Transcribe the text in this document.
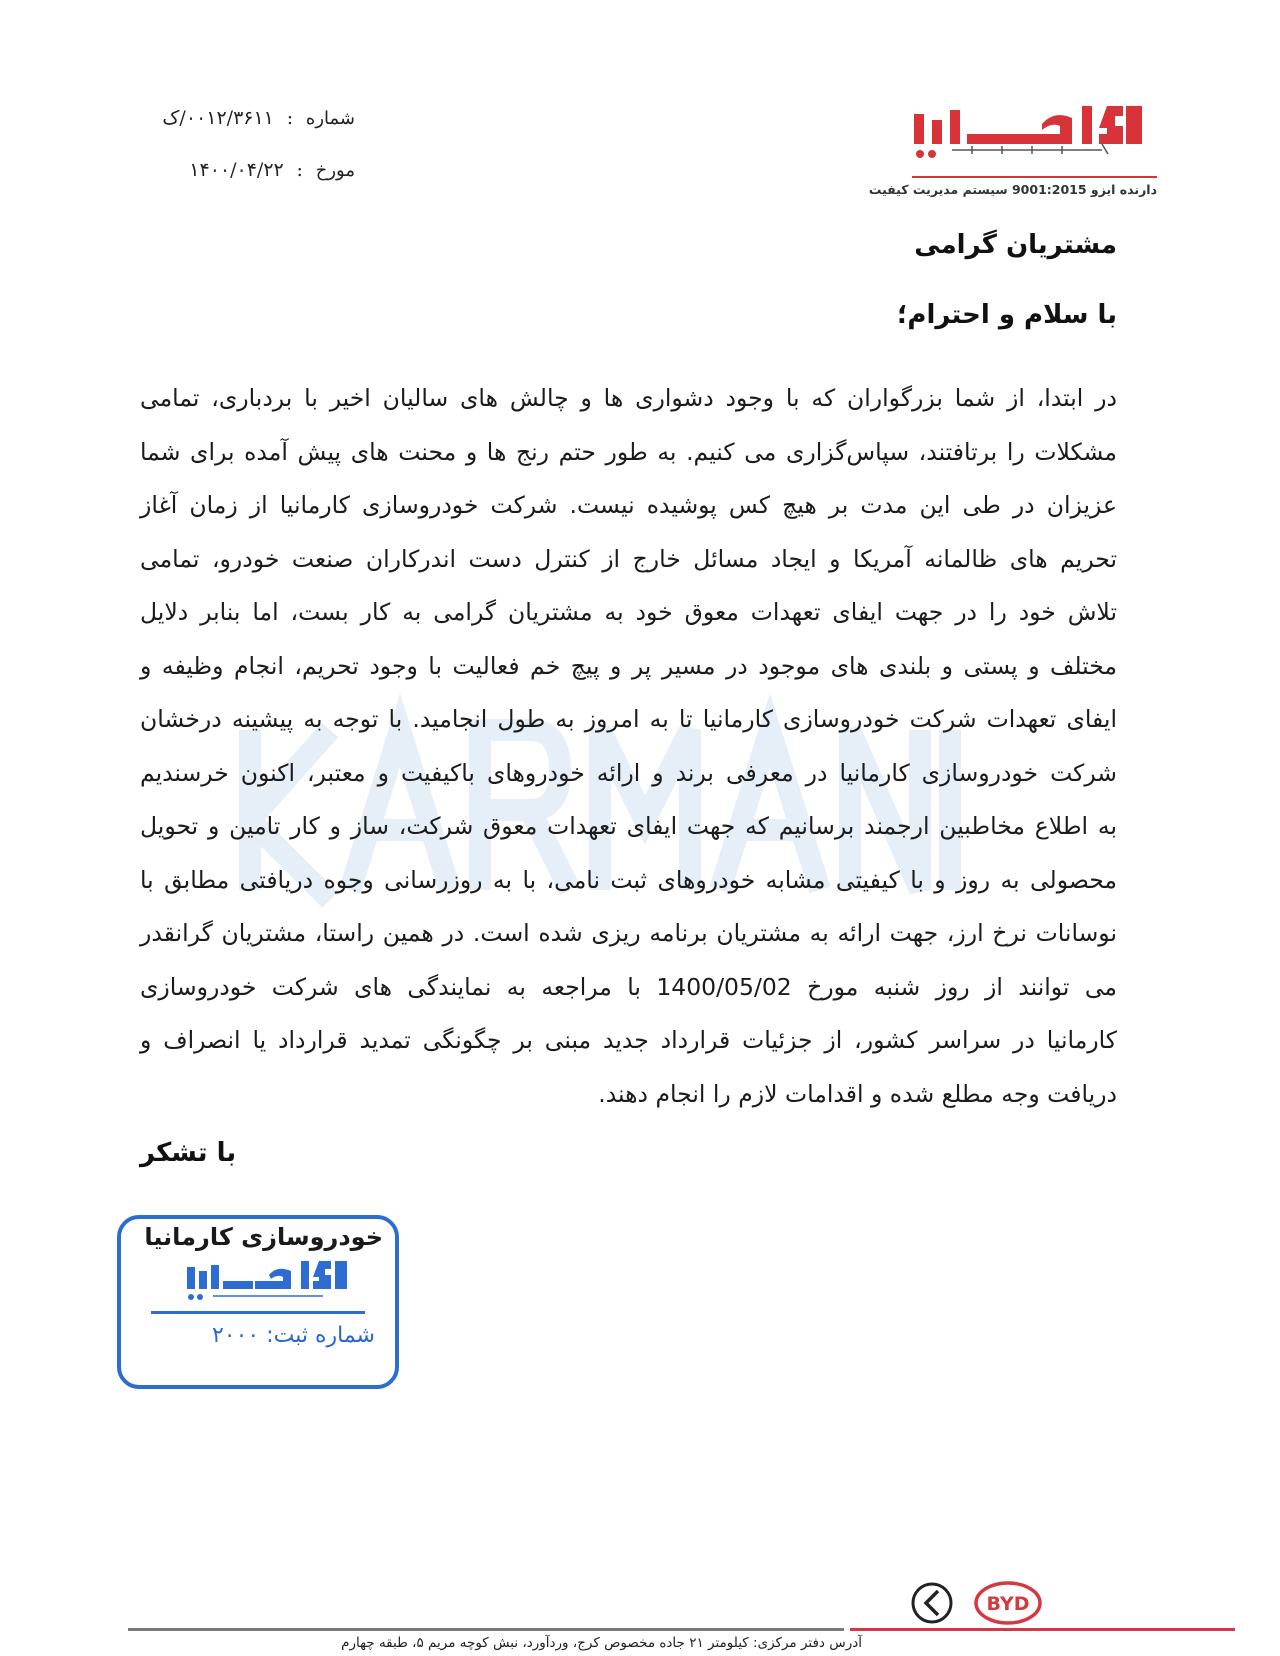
کارمانیا
دارنده ایزو 9001:2015 سیستم مدیریت کیفیت
شماره
:
۰۰۱۲/۳۶۱۱/ک
مورخ
:
۱۴۰۰/۰۴/۲۲
مشتریان گرامی
با سلام و احترام؛
در ابتدا، از شما بزرگواران که با وجود دشواری ها و چالش های سالیان اخیر با بردباری، تمامی
مشکلات را برتافتند، سپاس‌گزاری می کنیم. به طور حتم رنج ها و محنت های پیش آمده برای شما
عزیزان در طی این مدت بر هیچ کس پوشیده نیست. شرکت خودروسازی کارمانیا از زمان آغاز
تحریم های ظالمانه آمریکا و ایجاد مسائل خارج از کنترل دست اندرکاران صنعت خودرو، تمامی
تلاش خود را در جهت ایفای تعهدات معوق خود به مشتریان گرامی به کار بست، اما بنابر دلایل
مختلف و پستی و بلندی های موجود در مسیر پر و پیچ خم فعالیت با وجود تحریم، انجام وظیفه و
ایفای تعهدات شرکت خودروسازی کارمانیا تا به امروز به طول انجامید. با توجه به پیشینه درخشان
شرکت خودروسازی کارمانیا در معرفی برند و ارائه خودروهای باکیفیت و معتبر، اکنون خرسندیم
به اطلاع مخاطبین ارجمند برسانیم که جهت ایفای تعهدات معوق شرکت، ساز و کار تامین و تحویل
محصولی به روز و با کیفیتی مشابه خودروهای ثبت نامی، با به روزرسانی وجوه دریافتی مطابق با
نوسانات نرخ ارز، جهت ارائه به مشتریان برنامه ریزی شده است. در همین راستا، مشتریان گرانقدر
می توانند از روز شنبه مورخ 1400/05/02 با مراجعه به نمایندگی های شرکت خودروسازی
کارمانیا در سراسر کشور، از جزئیات قرارداد جدید مبنی بر چگونگی تمدید قرارداد یا انصراف و
دریافت وجه مطلع شده و اقدامات لازم را انجام دهند.
با تشکر
خودروسازی کارمانیا
شماره ثبت: ۲۰۰۰
BYD
آدرس دفتر مرکزی: کیلومتر ۲۱ جاده مخصوص کرج، وردآورد، نبش کوچه مریم ۵، طبقه چهارم
